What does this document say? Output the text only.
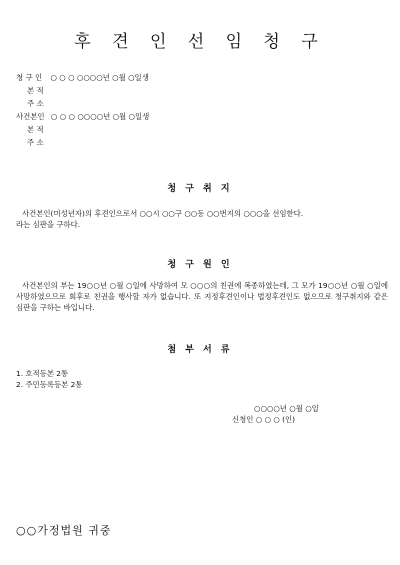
후 견 인 선 임 청 구
청 구 인 ○ ○ ○ ○○○○년 ○월 ○일생
본 적
주 소
사건본인 ○ ○ ○ ○○○○년 ○월 ○일생
본 적
주 소
청 구 취 지
사건본인(미성년자)의 후견인으로서 ○○시 ○○구 ○○동 ○○번지의 ○○○을 선임한다.
라는 심판을 구하다.
청 구 원 인
사건본인의 부는 19○○년 ○월 ○일에 사망하여 모 ○○○의 친권에 복종하였는데, 그 모가 19○○년 ○월 ○일에 사망하였으므로 회후로 친권을 행사할 자가 없습니다. 또 지정후견인이나 법정후견인도 없으므로 청구취지와 같은 심판을 구하는 바입니다.
첨 부 서 류
1. 호적등본 2통
2. 주민등록등본 2통
○○○○년 ○월 ○일
신청인 ○ ○ ○ (인)
○○가정법원 귀중
